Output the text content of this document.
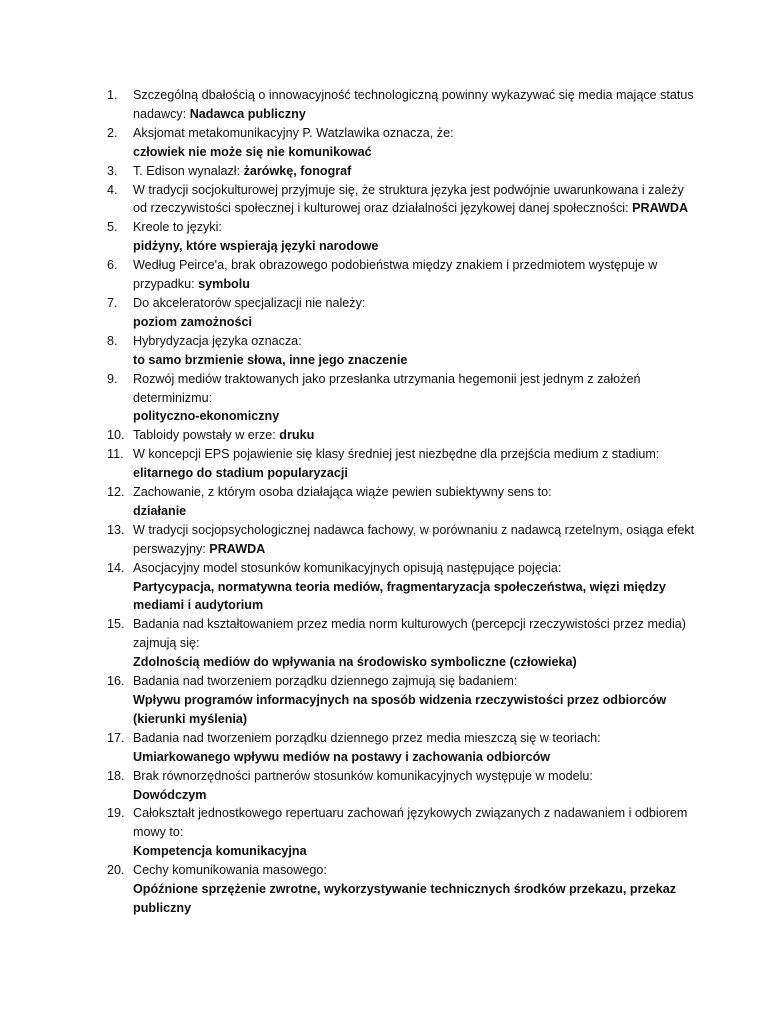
1.	Szczególną dbałością o innowacyjność technologiczną powinny wykazywać się media mające status nadawcy: Nadawca publiczny
2.	Aksjomat metakomunikacyjny P. Watzlawika oznacza, że:
człowiek nie może się nie komunikować
3.	T. Edison wynalazł: żarówkę, fonograf
4.	W tradycji socjokulturowej przyjmuje się, że struktura języka jest podwójnie uwarunkowana i zależy od rzeczywistości społecznej i kulturowej oraz działalności językowej danej społeczności: PRAWDA
5.	Kreole to języki:
pidżyny, które wspierają języki narodowe
6.	Według Peirce'a, brak obrazowego podobieństwa między znakiem i przedmiotem występuje w przypadku: symbolu
7.	Do akceleratorów specjalizacji nie należy:
poziom zamożności
8.	Hybrydyzacja języka oznacza:
to samo brzmienie słowa, inne jego znaczenie
9.	Rozwój mediów traktowanych jako przesłanka utrzymania hegemonii jest jednym z założeń determinizmu:
polityczno-ekonomiczny
10. Tabloidy powstały w erze: druku
11. W koncepcji EPS pojawienie się klasy średniej jest niezbędne dla przejścia medium z stadium:
elitarnego do stadium popularyzacji
12. Zachowanie, z którym osoba działająca wiąże pewien subiektywny sens to:
działanie
13. W tradycji socjopsychologicznej nadawca fachowy, w porównaniu z nadawcą rzetelnym, osiąga efekt perswazyjny: PRAWDA
14. Asocjacyjny model stosunków komunikacyjnych opisują następujące pojęcia:
Partycypacja, normatywna teoria mediów, fragmentaryzacja społeczeństwa, więzi między mediami i audytorium
15. Badania nad kształtowaniem przez media norm kulturowych (percepcji rzeczywistości przez media) zajmują się:
Zdolnością mediów do wpływania na środowisko symboliczne (człowieka)
16. Badania nad tworzeniem porządku dziennego zajmują się badaniem:
Wpływu programów informacyjnych na sposób widzenia rzeczywistości przez odbiorców (kierunki myślenia)
17. Badania nad tworzeniem porządku dziennego przez media mieszczą się w teoriach:
Umiarkowanego wpływu mediów na postawy i zachowania odbiorców
18. Brak równorzędności partnerów stosunków komunikacyjnych występuje w modelu:
Dowódczym
19. Całokształt jednostkowego repertuaru zachowań językowych związanych z nadawaniem i odbiorem mowy to:
Kompetencja komunikacyjna
20. Cechy komunikowania masowego:
Opóźnione sprzężenie zwrotne, wykorzystywanie technicznych środków przekazu, przekaz publiczny
